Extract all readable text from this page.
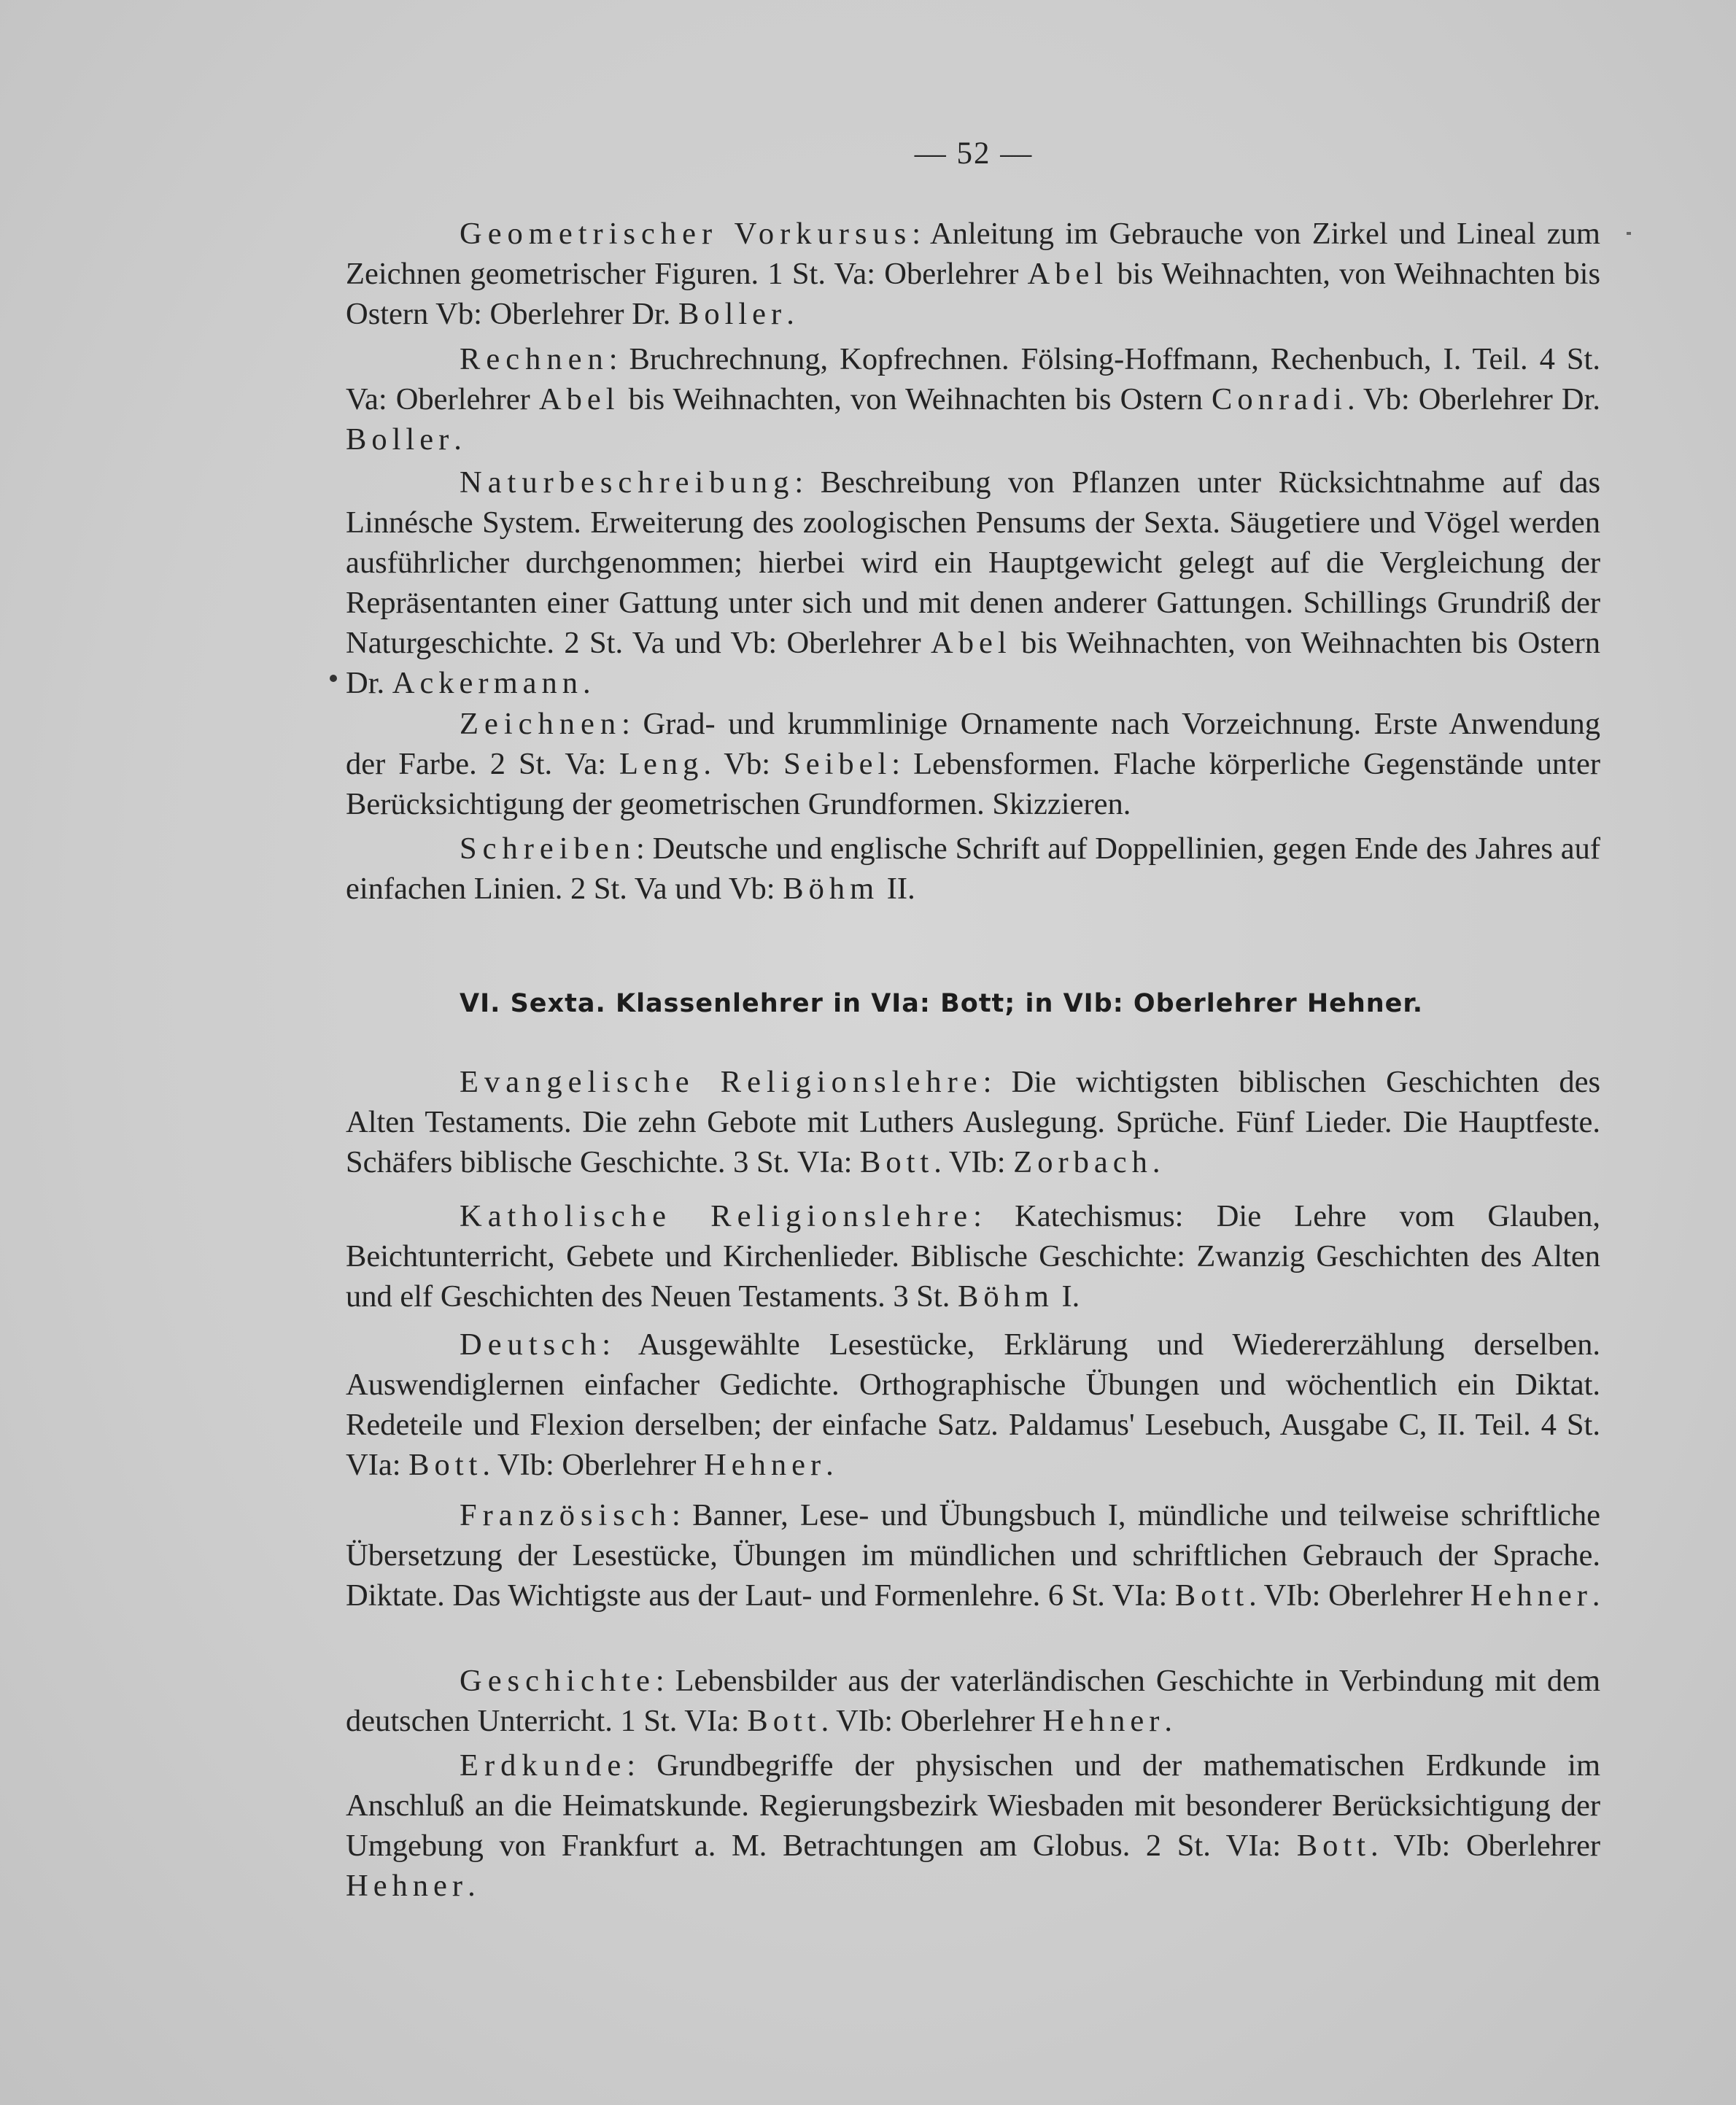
— 52 —

Geometrischer Vorkursus: Anleitung im Gebrauche von Zirkel und Lineal zum Zeichnen geometrischer Figuren. 1 St. Va: Oberlehrer Abel bis Weihnachten, von Weihnachten bis Ostern Vb: Oberlehrer Dr. Boller.

Rechnen: Bruchrechnung, Kopfrechnen. Fölsing-Hoffmann, Rechenbuch, I. Teil. 4 St. Va: Oberlehrer Abel bis Weihnachten, von Weihnachten bis Ostern Conradi. Vb: Oberlehrer Dr. Boller.

Naturbeschreibung: Beschreibung von Pflanzen unter Rücksichtnahme auf das Linnésche System. Erweiterung des zoologischen Pensums der Sexta. Säugetiere und Vögel werden ausführlicher durchgenommen; hierbei wird ein Hauptgewicht gelegt auf die Vergleichung der Repräsentanten einer Gattung unter sich und mit denen anderer Gattungen. Schillings Grundriß der Naturgeschichte. 2 St. Va und Vb: Oberlehrer Abel bis Weihnachten, von Weihnachten bis Ostern Dr. Ackermann.

Zeichnen: Grad- und krummlinige Ornamente nach Vorzeichnung. Erste Anwendung der Farbe. 2 St. Va: Leng. Vb: Seibel: Lebensformen. Flache körperliche Gegenstände unter Berücksichtigung der geometrischen Grundformen. Skizzieren.

Schreiben: Deutsche und englische Schrift auf Doppellinien, gegen Ende des Jahres auf einfachen Linien. 2 St. Va und Vb: Böhm II.

VI. Sexta. Klassenlehrer in VIa: Bott; in VIb: Oberlehrer Hehner.

Evangelische Religionslehre: Die wichtigsten biblischen Geschichten des Alten Testaments. Die zehn Gebote mit Luthers Auslegung. Sprüche. Fünf Lieder. Die Hauptfeste. Schäfers biblische Geschichte. 3 St. VIa: Bott. VIb: Zorbach.

Katholische Religionslehre: Katechismus: Die Lehre vom Glauben, Beichtunterricht, Gebete und Kirchenlieder. Biblische Geschichte: Zwanzig Geschichten des Alten und elf Geschichten des Neuen Testaments. 3 St. Böhm I.

Deutsch: Ausgewählte Lesestücke, Erklärung und Wiedererzählung derselben. Auswendiglernen einfacher Gedichte. Orthographische Übungen und wöchentlich ein Diktat. Redeteile und Flexion derselben; der einfache Satz. Paldamus' Lesebuch, Ausgabe C, II. Teil. 4 St. VIa: Bott. VIb: Oberlehrer Hehner.

Französisch: Banner, Lese- und Übungsbuch I, mündliche und teilweise schriftliche Übersetzung der Lesestücke, Übungen im mündlichen und schriftlichen Gebrauch der Sprache. Diktate. Das Wichtigste aus der Laut- und Formenlehre. 6 St. VIa: Bott. VIb: Oberlehrer Hehner.

Geschichte: Lebensbilder aus der vaterländischen Geschichte in Verbindung mit dem deutschen Unterricht. 1 St. VIa: Bott. VIb: Oberlehrer Hehner.

Erdkunde: Grundbegriffe der physischen und der mathematischen Erdkunde im Anschluß an die Heimatskunde. Regierungsbezirk Wiesbaden mit besonderer Berücksichtigung der Umgebung von Frankfurt a. M. Betrachtungen am Globus. 2 St. VIa: Bott. VIb: Oberlehrer Hehner.
